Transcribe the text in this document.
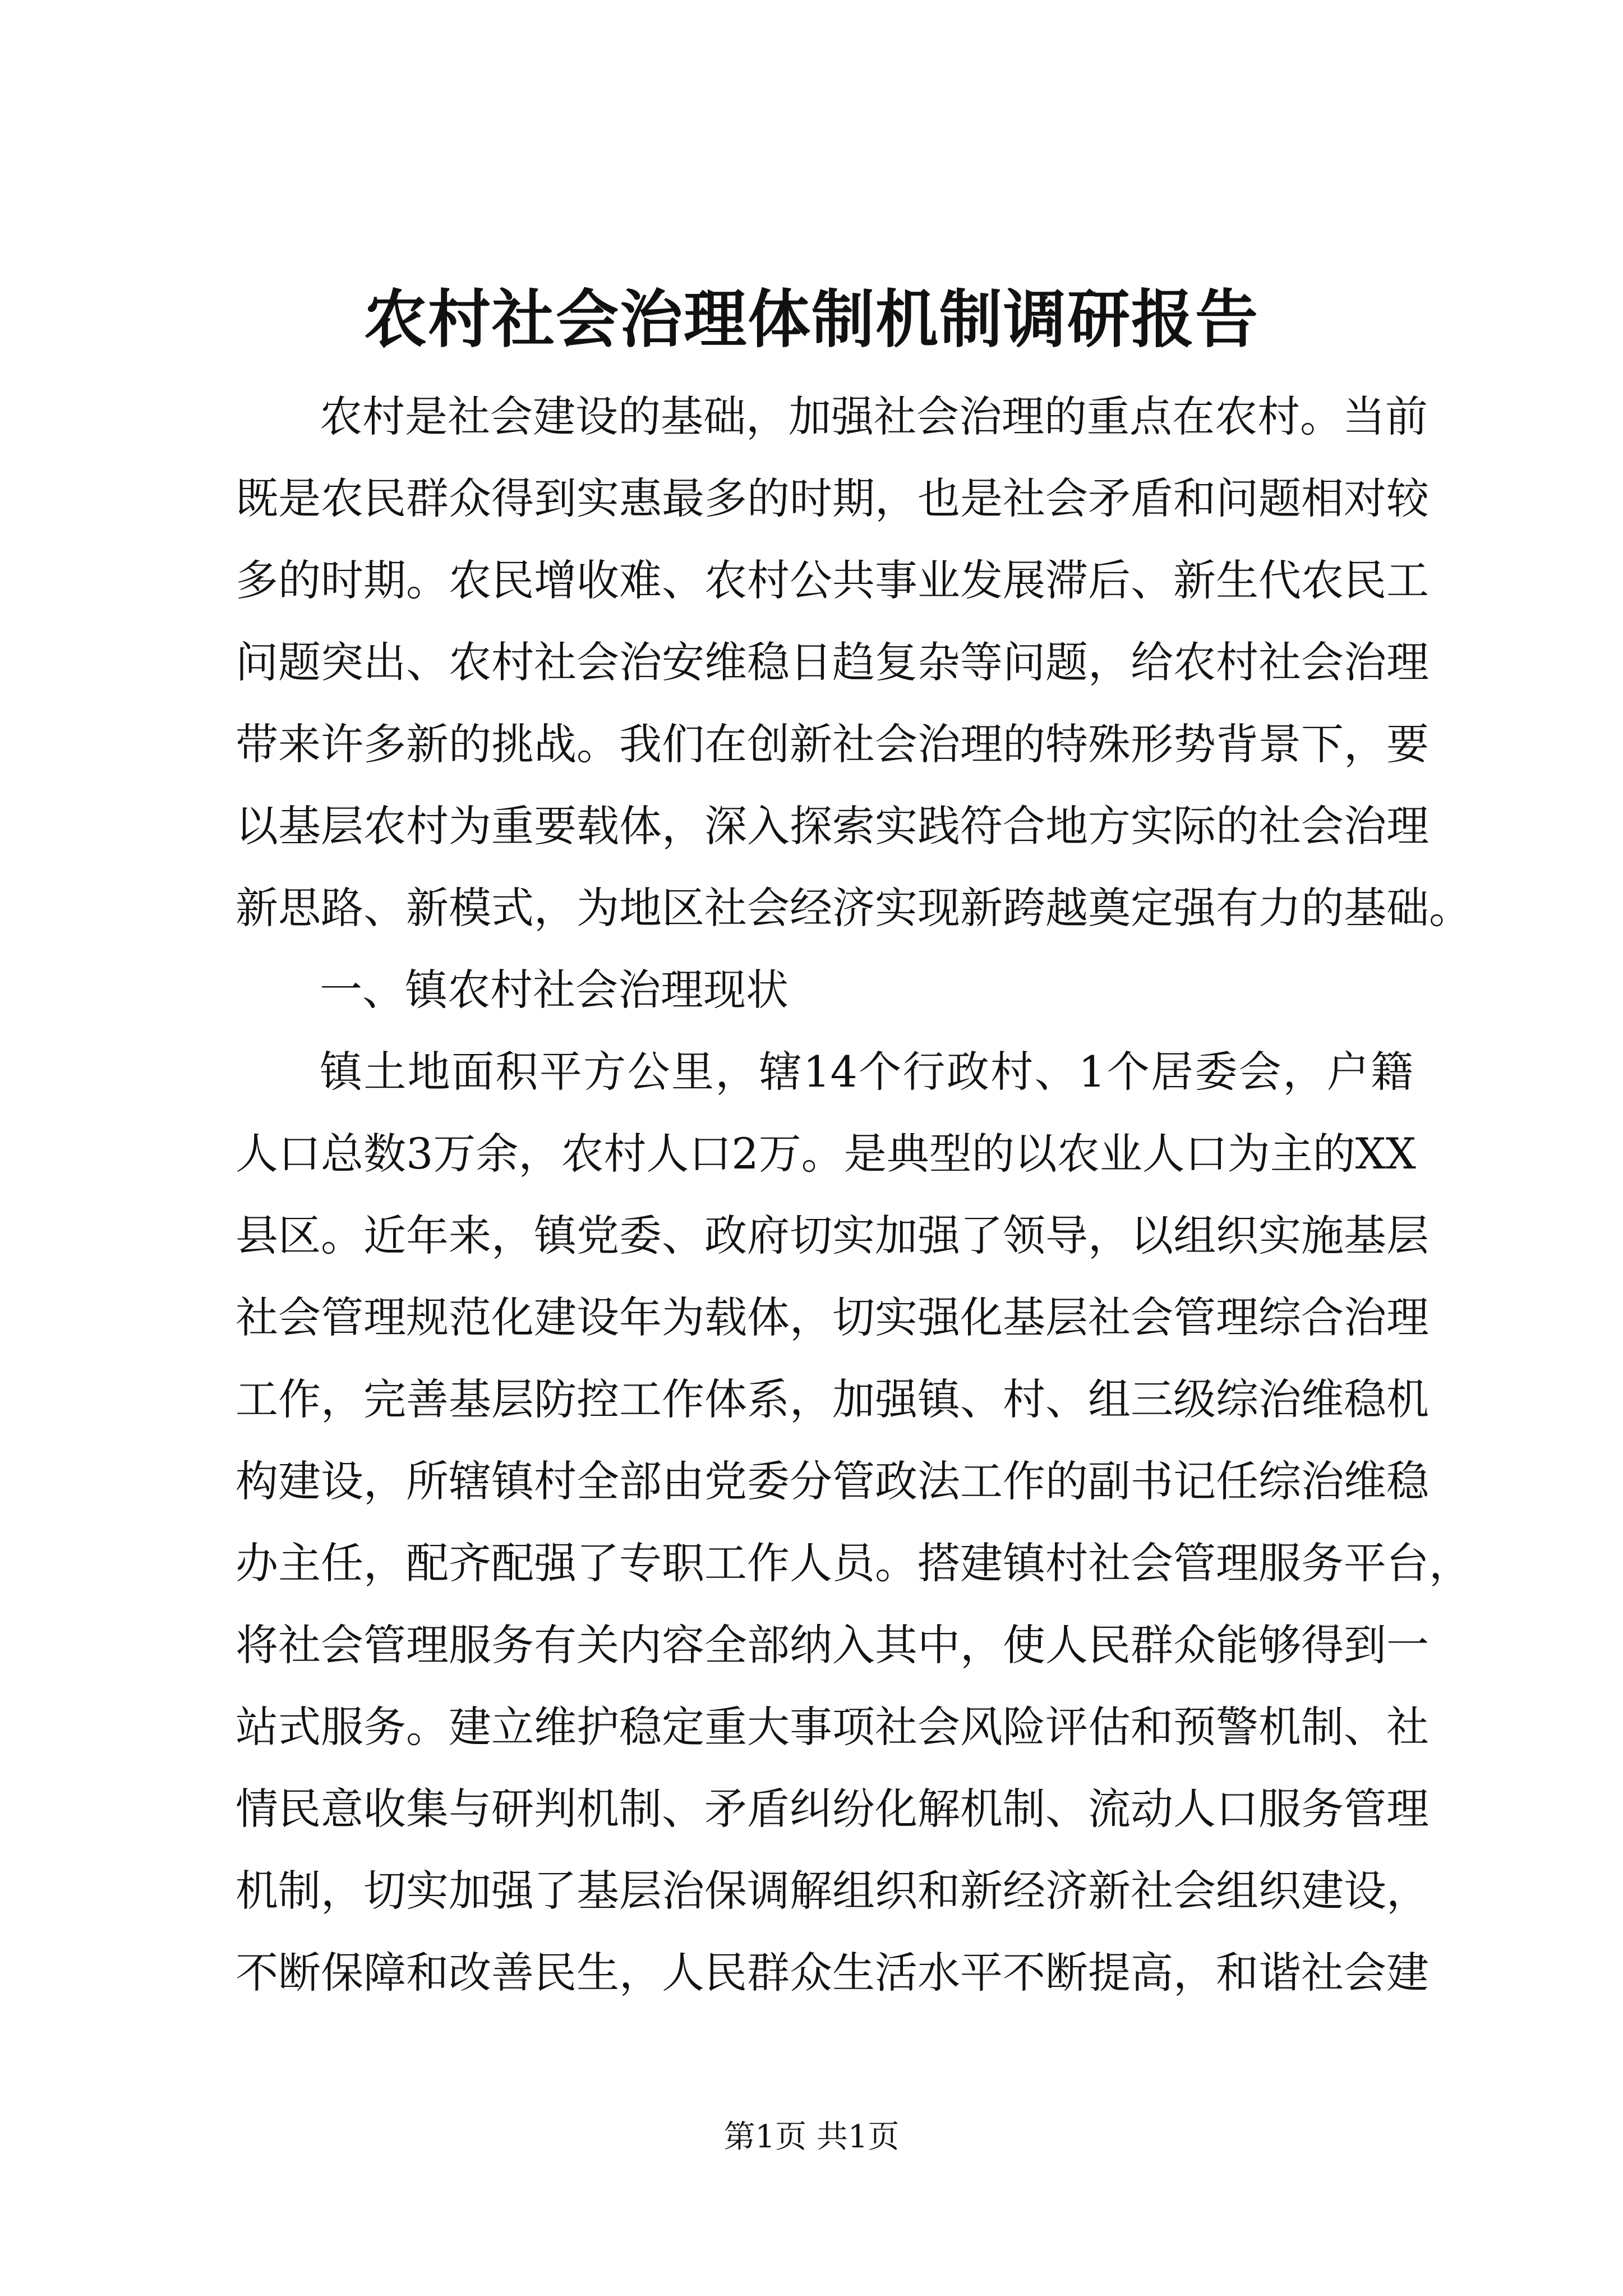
农村社会治理体制机制调研报告
农村是社会建设的基础，加强社会治理的重点在农村。当前
既是农民群众得到实惠最多的时期，也是社会矛盾和问题相对较
多的时期。农民增收难、农村公共事业发展滞后、新生代农民工
问题突出、农村社会治安维稳日趋复杂等问题，给农村社会治理
带来许多新的挑战。我们在创新社会治理的特殊形势背景下，要
以基层农村为重要载体，深入探索实践符合地方实际的社会治理
新思路、新模式，为地区社会经济实现新跨越奠定强有力的基础。
一、镇农村社会治理现状
镇土地面积平方公里，辖14个行政村、1个居委会，户籍
人口总数3万余，农村人口2万。是典型的以农业人口为主的XX
县区。近年来，镇党委、政府切实加强了领导，以组织实施基层
社会管理规范化建设年为载体，切实强化基层社会管理综合治理
工作，完善基层防控工作体系，加强镇、村、组三级综治维稳机
构建设，所辖镇村全部由党委分管政法工作的副书记任综治维稳
办主任，配齐配强了专职工作人员。搭建镇村社会管理服务平台，
将社会管理服务有关内容全部纳入其中，使人民群众能够得到一
站式服务。建立维护稳定重大事项社会风险评估和预警机制、社
情民意收集与研判机制、矛盾纠纷化解机制、流动人口服务管理
机制，切实加强了基层治保调解组织和新经济新社会组织建设，
不断保障和改善民生，人民群众生活水平不断提高，和谐社会建
第1页 共1页
